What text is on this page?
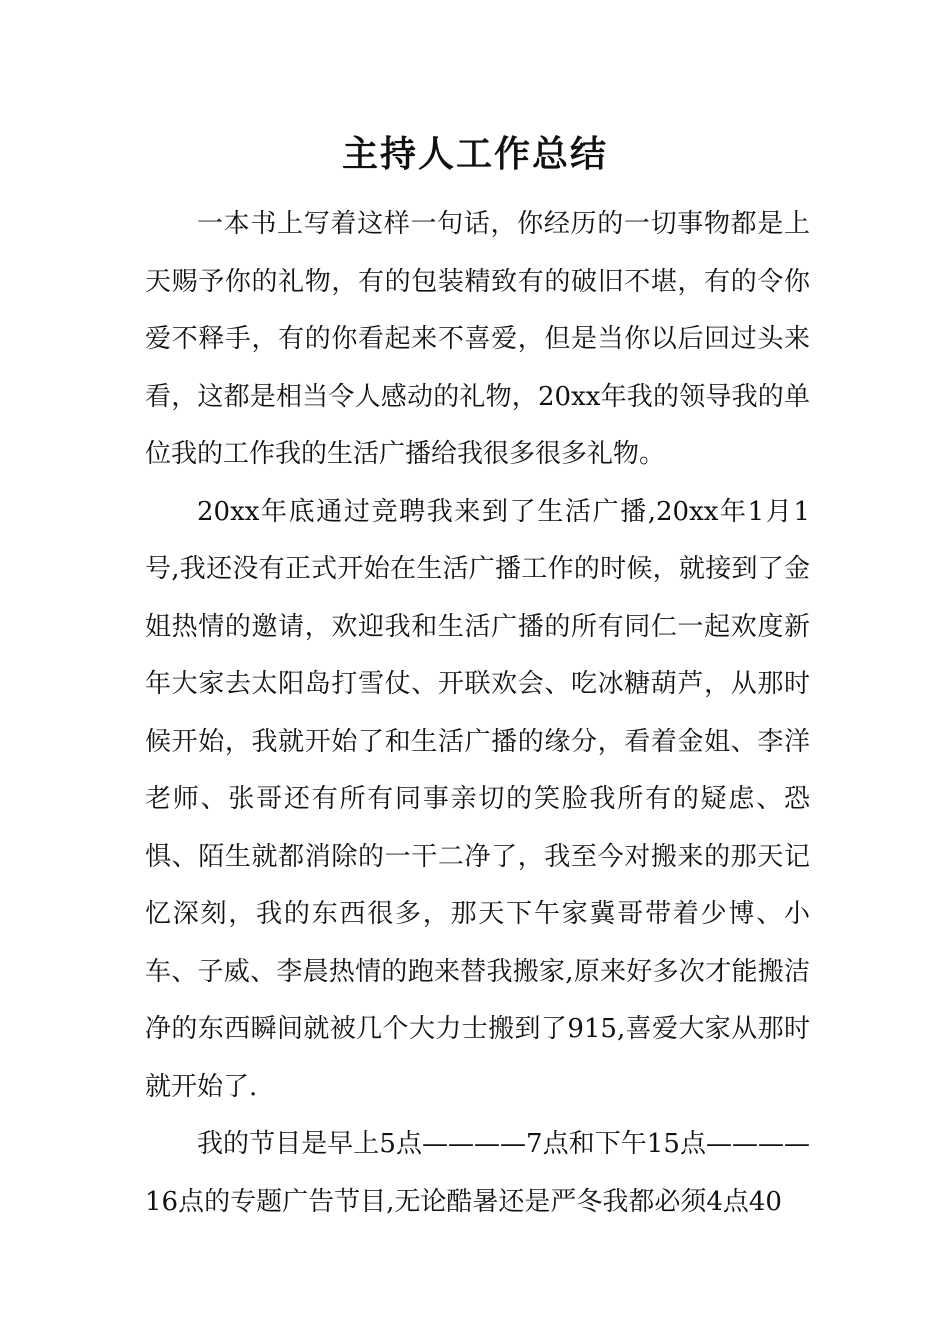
主持人工作总结

一本书上写着这样一句话，你经历的一切事物都是上天赐予你的礼物，有的包装精致有的破旧不堪，有的令你爱不释手，有的你看起来不喜爱，但是当你以后回过头来看，这都是相当令人感动的礼物，20xx年我的领导我的单位我的工作我的生活广播给我很多很多礼物。

20xx年底通过竞聘我来到了生活广播,20xx年1月1号,我还没有正式开始在生活广播工作的时候，就接到了金姐热情的邀请，欢迎我和生活广播的所有同仁一起欢度新年大家去太阳岛打雪仗、开联欢会、吃冰糖葫芦，从那时候开始，我就开始了和生活广播的缘分，看着金姐、李洋老师、张哥还有所有同事亲切的笑脸我所有的疑虑、恐惧、陌生就都消除的一干二净了，我至今对搬来的那天记忆深刻，我的东西很多，那天下午家冀哥带着少博、小车、子威、李晨热情的跑来替我搬家,原来好多次才能搬洁净的东西瞬间就被几个大力士搬到了915,喜爱大家从那时就开始了.

我的节目是早上5点————7点和下午15点————16点的专题广告节目,无论酷暑还是严冬我都必须4点40
